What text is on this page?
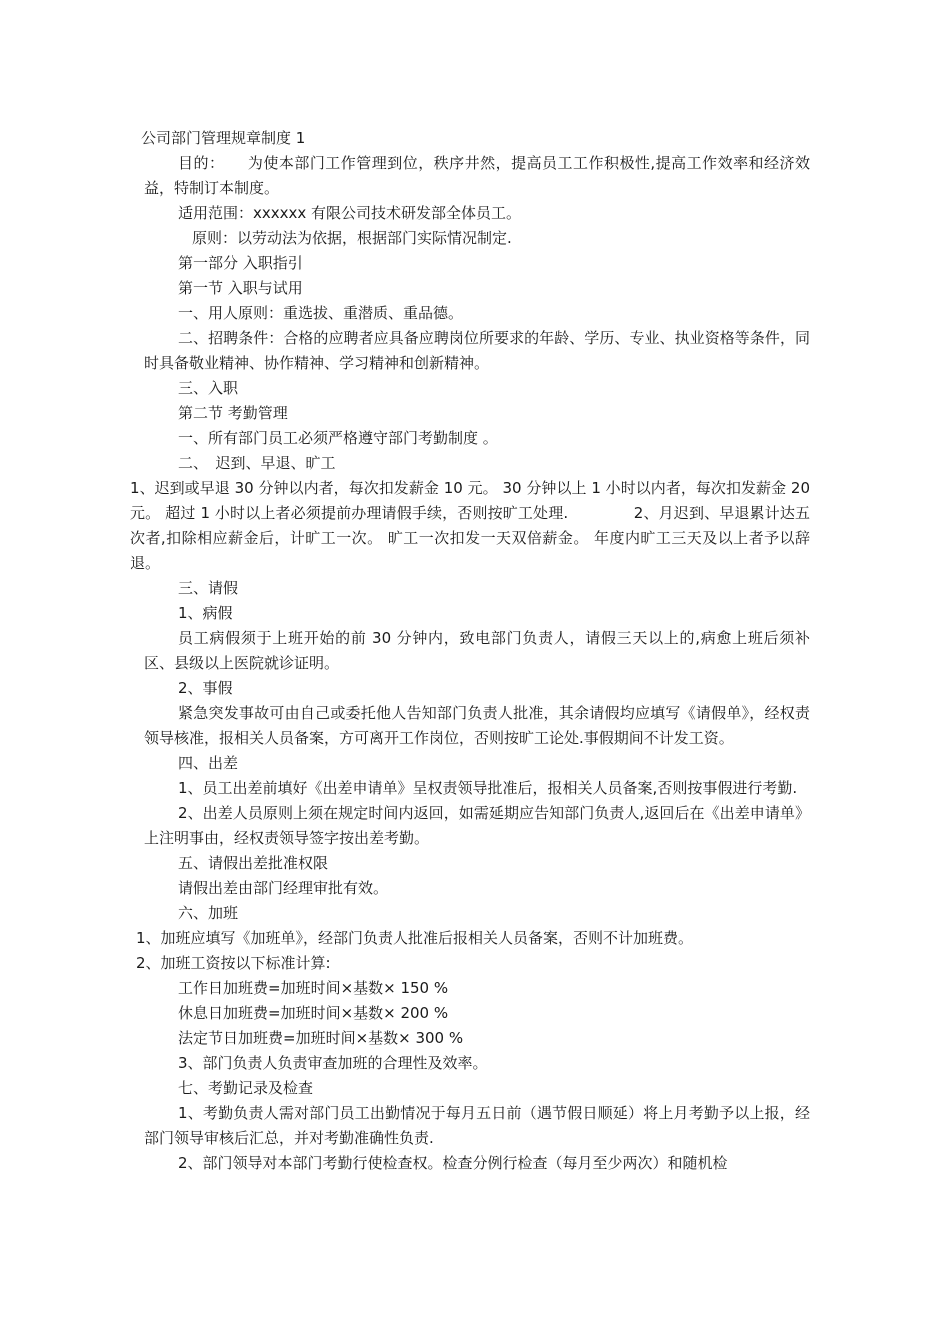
公司部门管理规章制度 1

目的：　　为使本部门工作管理到位，秩序井然，提高员工工作积极性,提高工作效率和经济效益，特制订本制度。

适用范围：xxxxxx 有限公司技术研发部全体员工。

原则：以劳动法为依据，根据部门实际情况制定.

第一部分 入职指引

第一节 入职与试用

一、用人原则：重选拔、重潜质、重品德。

二、招聘条件：合格的应聘者应具备应聘岗位所要求的年龄、学历、专业、执业资格等条件，同时具备敬业精神、协作精神、学习精神和创新精神。

三、入职

第二节 考勤管理

一、所有部门员工必须严格遵守部门考勤制度 。

二、　迟到、早退、旷工

1、迟到或早退 30 分钟以内者，每次扣发薪金 10 元。 30 分钟以上 1 小时以内者，每次扣发薪金 20 元。 超过 1 小时以上者必须提前办理请假手续，否则按旷工处理.　　　　 2、月迟到、早退累计达五次者,扣除相应薪金后，计旷工一次。 旷工一次扣发一天双倍薪金。 年度内旷工三天及以上者予以辞退。

三、请假

1、病假

员工病假须于上班开始的前 30 分钟内，致电部门负责人，请假三天以上的,病愈上班后须补区、县级以上医院就诊证明。

2、事假

紧急突发事故可由自己或委托他人告知部门负责人批准，其余请假均应填写《请假单》，经权责领导核准，报相关人员备案，方可离开工作岗位，否则按旷工论处.事假期间不计发工资。

四、出差

1、员工出差前填好《出差申请单》呈权责领导批准后，报相关人员备案,否则按事假进行考勤.

2、出差人员原则上须在规定时间内返回，如需延期应告知部门负责人,返回后在《出差申请单》上注明事由，经权责领导签字按出差考勤。

五、请假出差批准权限

请假出差由部门经理审批有效。

六、加班

1、加班应填写《加班单》，经部门负责人批准后报相关人员备案，否则不计加班费。

2、加班工资按以下标准计算:

工作日加班费=加班时间×基数× 150 %

休息日加班费=加班时间×基数× 200 %

法定节日加班费=加班时间×基数× 300 %

3、部门负责人负责审查加班的合理性及效率。

七、考勤记录及检查

1、考勤负责人需对部门员工出勤情况于每月五日前（遇节假日顺延）将上月考勤予以上报，经部门领导审核后汇总，并对考勤准确性负责.

2、部门领导对本部门考勤行使检查权。检查分例行检查（每月至少两次）和随机检
